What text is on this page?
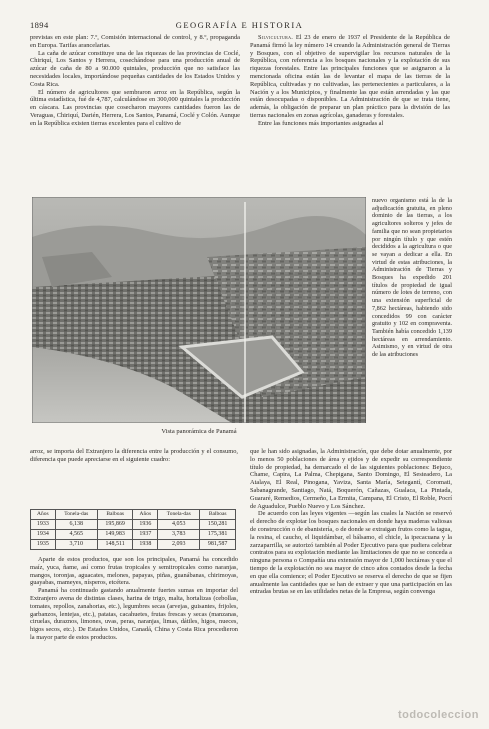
1894	GEOGRAFÍA E HISTORIA

previstas en este plan: 7.º, Comisión internacional de control, y 8.º, propaganda en Europa. Tarifas arancelarias.

La caña de azúcar constituye una de las riquezas de las provincias de Coclé, Chiriquí, Los Santos y Herrera, cosechándose para una producción anual de azúcar de caña de 80 a 90.000 quintales, producción que no satisface las necesidades locales, importándose pequeñas cantidades de los Estados Unidos y Costa Rica.

El número de agricultores que sembraron arroz en la República, según la última estadística, fué de 4,787, calculándose en 300,000 quintales la producción en cáscara. Las provincias que cosecharon mayores cantidades fueron las de Veraguas, Chiriquí, Darién, Herrera, Los Santos, Panamá, Coclé y Colón. Aunque en la República existen tierras excelentes para el cultivo de

Silvicultura. El 23 de enero de 1937 el Presidente de la República de Panamá firmó la ley número 14 creando la Administración general de Tierras y Bosques, con el objetivo de supervigilar los recursos naturales de la República, con referencia a los bosques nacionales y la explotación de sus riquezas forestales. Entre las principales funciones que se asignaron a la mencionada oficina están las de levantar el mapa de las tierras de la República, cultivadas y no cultivadas, las pertenecientes a particulares, a la Nación y a los Municipios, y finalmente las que están arrendadas y las que están desocupadas o disponibles. La Administración de que se trata tiene, además, la obligación de preparar un plan práctico para la división de las tierras nacionales en zonas agrícolas, ganaderas y forestales.

Entre las funciones más importantes asignadas al

Vista panorámica de Panamá

nuevo organismo está la de la adjudicación gratuita, en pleno dominio de las tierras, a los agricultores solteros y jefes de familia que no sean propietarios por ningún título y que estén decididos a la agricultura o que se vayan a dedicar a ella. En virtud de estas atribuciones, la Administración de Tierras y Bosques ha expedido 201 títulos de propiedad de igual número de lotes de terreno, con una extensión superficial de 7,862 hectáreas, habiendo sido concedidos 99 con carácter gratuito y 102 en compraventa. También había concedido 1,139 hectáreas en arrendamiento. Asimismo, y en virtud de otra de las atribuciones

arroz, se importa del Extranjero la diferencia entre la producción y el consumo, diferencia que puede apreciarse en el siguiente cuadro:

Años	Tonela-das	Balboas	Años	Tonela-das	Balboas
1933	6,138	195,869	1936	4,053	150,281
1934	4,565	149,983	1937	3,783	175,381
1935	3,710	148,511	1938	2,093	981,587

Aparte de estos productos, que son los principales, Panamá ha concedido maíz, yuca, ñame, así como frutas tropicales y semitropicales como naranjas, mangos, toronjas, aguacates, melones, papayas, piñas, guanábanas, chirimoyas, guayabas, mameyes, nísperos, etcétera.

Panamá ha continuado gastando anualmente fuertes sumas en importar del Extranjero avena de distintas clases, harina de trigo, malta, hortalizas (cebollas, tomates, repollos, zanahorias, etc.), legumbres secas (arvejas, guisantes, frijoles, garbanzos, lentejas, etc.), patatas, cacahuetes, frutas frescas y secas (manzanas, ciruelas, duraznos, limones, uvas, peras, naranjas, limas, dátiles, higos, nueces, higos secos, etc.). De Estados Unidos, Canadá, China y Costa Rica procedieron la mayor parte de estos productos.

que le han sido asignadas, la Administración, que debe dotar anualmente, por lo menos 50 poblaciones de área y ejidos y de expedir su correspondiente título de propiedad, ha demarcado el de las siguientes poblaciones: Bejuco, Chame, Capira, La Palma, Chepigana, Santo Domingo, El Sesteadero, La Atalaya, El Real, Pinogana, Yaviza, Santa María, Setegantí, Coromati, Sabanagrande, Santiago, Natá, Boquerón, Cañazas, Gualaca, La Pintada, Guararé, Remedios, Cermeño, La Ermita, Campana, El Cristo, El Roble, Pocrí de Aguadulce, Pueblo Nuevo y Los Sánchez.

De acuerdo con las leyes vigentes —según las cuales la Nación se reservó el derecho de explotar los bosques nacionales en donde haya maderas valiosas de construcción o de ebanistería, o de donde se extraigan frutos como la tagua, la resina, el caucho, el liquidámbar, el bálsamo, el chicle, la ipecacuana y la zarzaparrilla, se autorizó también al Poder Ejecutivo para que pudiera celebrar contratos para su explotación mediante las limitaciones de que no se conceda a ninguna persona o Compañía una extensión mayor de 1,000 hectáreas y que el tiempo de la explotación no sea mayor de cinco años contados desde la fecha en que ella comience; el Poder Ejecutivo se reserva el derecho de que se fijen anualmente las cantidades que se han de extraer y que una participación en las entradas brutas se en las utilidades netas de la Empresa, según convenga

todocoleccion
